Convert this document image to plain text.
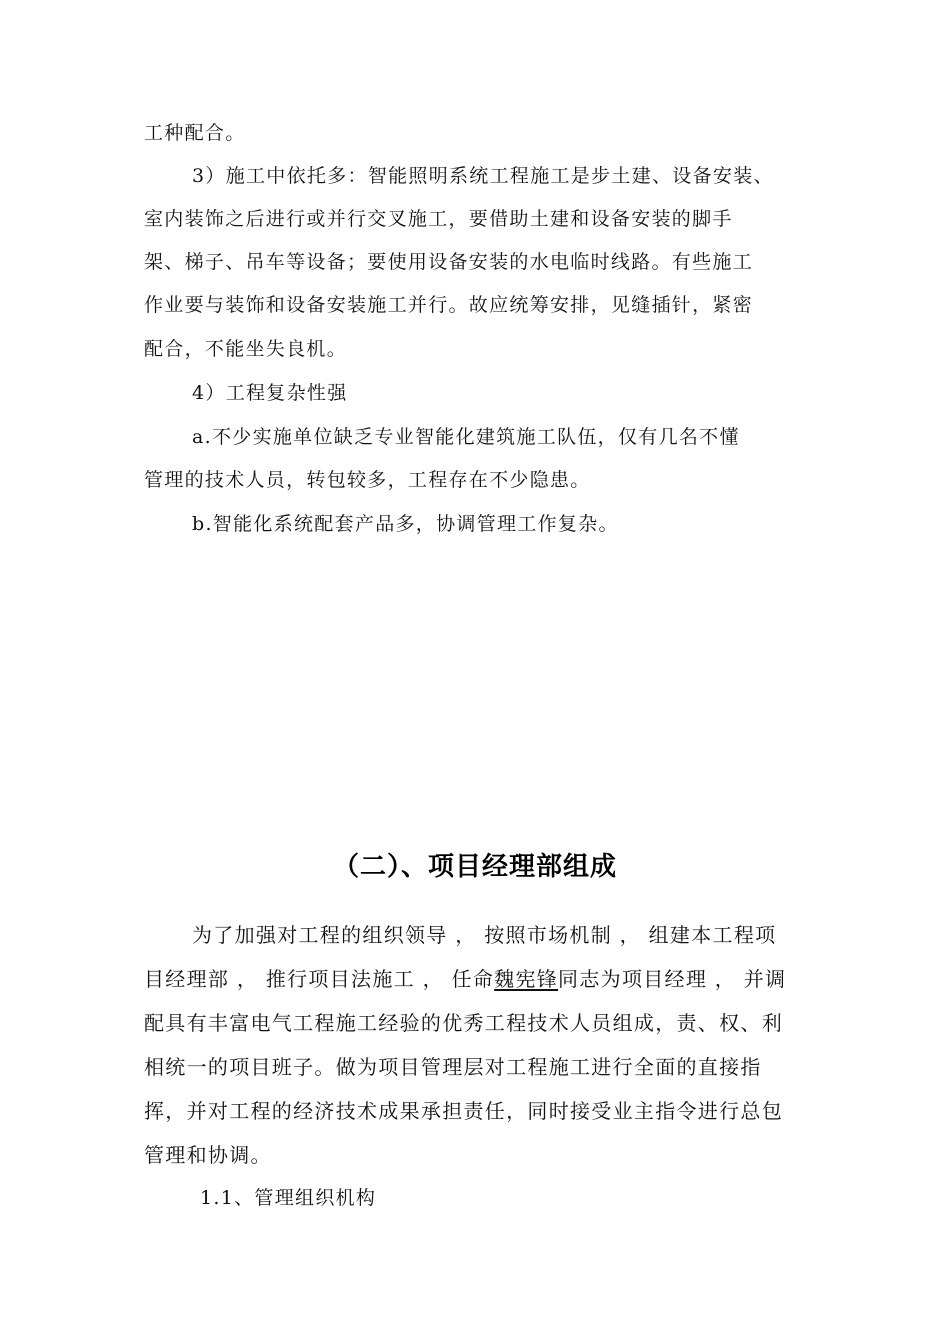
工种配合。

3）施工中依托多：智能照明系统工程施工是步土建、设备安装、

室内装饰之后进行或并行交叉施工，要借助土建和设备安装的脚手

架、梯子、吊车等设备；要使用设备安装的水电临时线路。有些施工

作业要与装饰和设备安装施工并行。故应统筹安排，见缝插针，紧密

配合，不能坐失良机。

4）工程复杂性强

a.不少实施单位缺乏专业智能化建筑施工队伍，仅有几名不懂

管理的技术人员，转包较多，工程存在不少隐患。

b.智能化系统配套产品多，协调管理工作复杂。

（二）、项目经理部组成

为了加强对工程的组织领导 ， 按照市场机制 ， 组建本工程项

目经理部 ， 推行项目法施工 ， 任命魏宪锋同志为项目经理 ， 并调

配具有丰富电气工程施工经验的优秀工程技术人员组成，责、权、利

相统一的项目班子。做为项目管理层对工程施工进行全面的直接指

挥，并对工程的经济技术成果承担责任，同时接受业主指令进行总包

管理和协调。

1.1、管理组织机构
